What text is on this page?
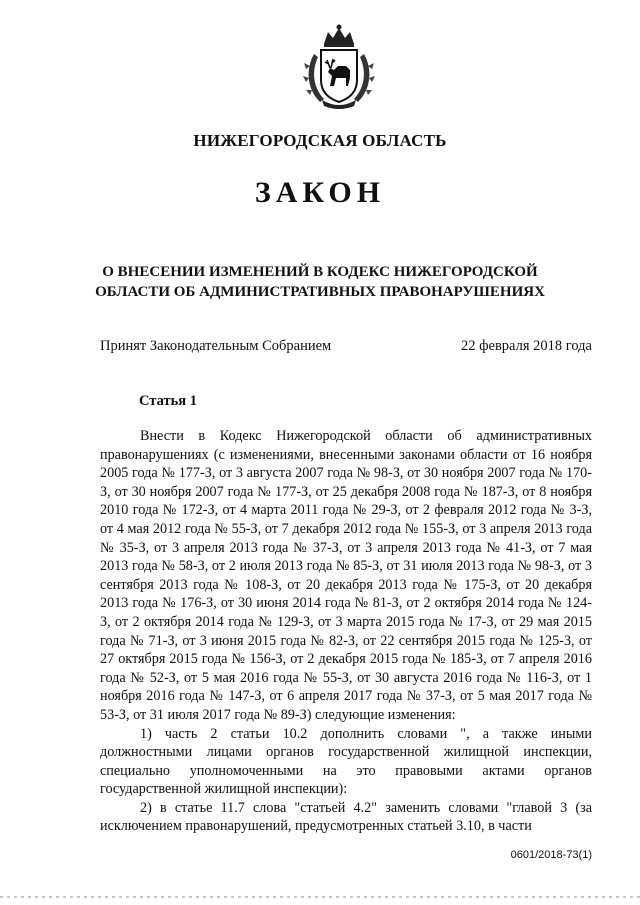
НИЖЕГОРОДСКАЯ ОБЛАСТЬ
ЗАКОН
О ВНЕСЕНИИ ИЗМЕНЕНИЙ В КОДЕКС НИЖЕГОРОДСКОЙ
ОБЛАСТИ ОБ АДМИНИСТРАТИВНЫХ ПРАВОНАРУШЕНИЯХ
Принят Законодательным Собранием	22 февраля 2018 года
Статья 1

Внести в Кодекс Нижегородской области об административных правонарушениях (с изменениями, внесенными законами области от 16 ноября 2005 года № 177-З, от 3 августа 2007 года № 98-З, от 30 ноября 2007 года № 170-З, от 30 ноября 2007 года № 177-З, от 25 декабря 2008 года № 187-З, от 8 ноября 2010 года № 172-З, от 4 марта 2011 года № 29-З, от 2 февраля 2012 года № 3-З, от 4 мая 2012 года № 55-З, от 7 декабря 2012 года № 155-З, от 3 апреля 2013 года № 35-З, от 3 апреля 2013 года № 37-З, от 3 апреля 2013 года № 41-З, от 7 мая 2013 года № 58-З, от 2 июля 2013 года № 85-З, от 31 июля 2013 года № 98-З, от 3 сентября 2013 года № 108-З, от 20 декабря 2013 года № 175-З, от 20 декабря 2013 года № 176-З, от 30 июня 2014 года № 81-З, от 2 октября 2014 года № 124-З, от 2 октября 2014 года № 129-З, от 3 марта 2015 года № 17-З, от 29 мая 2015 года № 71-З, от 3 июня 2015 года № 82-З, от 22 сентября 2015 года № 125-З, от 27 октября 2015 года № 156-З, от 2 декабря 2015 года № 185-З, от 7 апреля 2016 года № 52-З, от 5 мая 2016 года № 55-З, от 30 августа 2016 года № 116-З, от 1 ноября 2016 года № 147-З, от 6 апреля 2017 года № 37-З, от 5 мая 2017 года № 53-З, от 31 июля 2017 года № 89-З) следующие изменения:

1) часть 2 статьи 10.2 дополнить словами ", а также иными должностными лицами органов государственной жилищной инспекции, специально уполномоченными на это правовыми актами органов государственной жилищной инспекции):

2) в статье 11.7 слова "статьей 4.2" заменить словами "главой 3 (за исключением правонарушений, предусмотренных статьей 3.10, в части

0601/2018-73(1)
